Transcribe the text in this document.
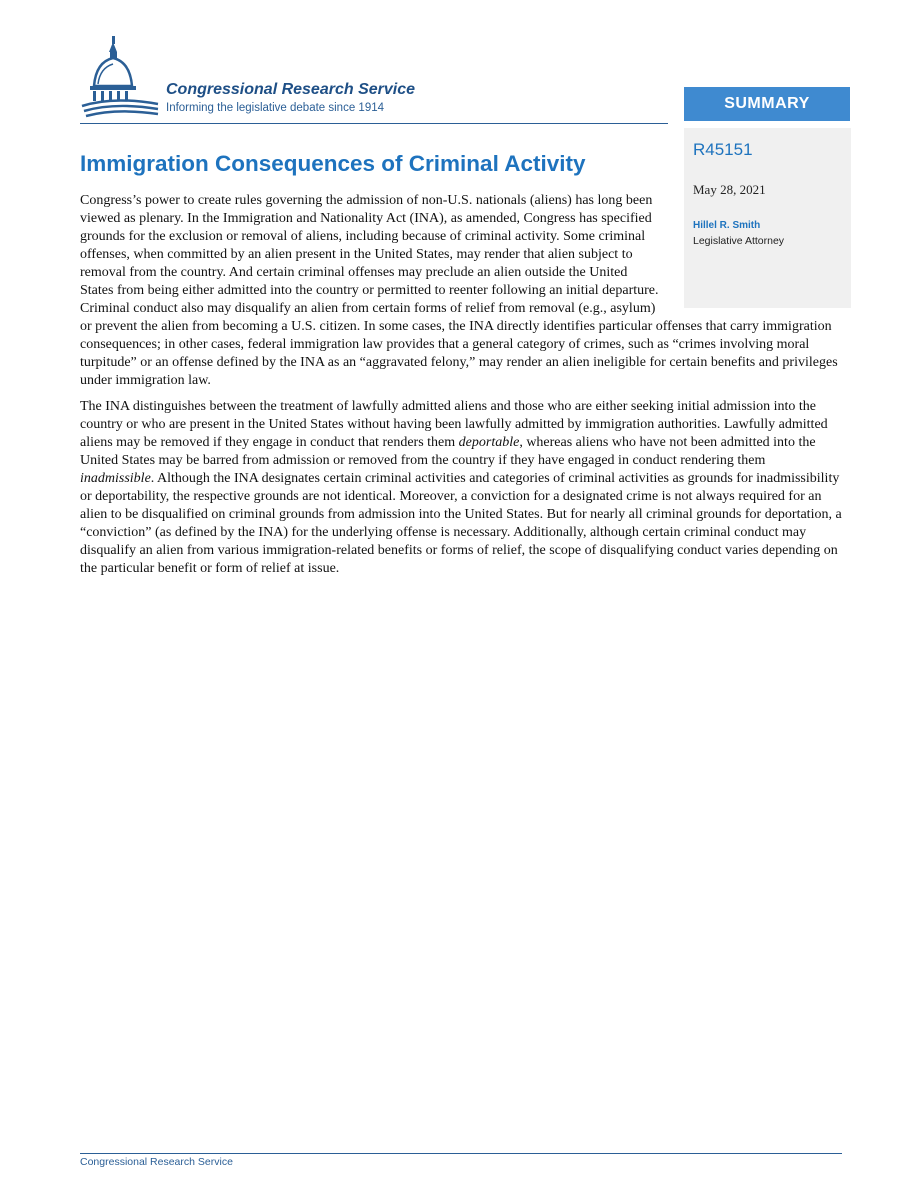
Congressional Research Service
Informing the legislative debate since 1914	SUMMARY
R45151
May 28, 2021
Hillel R. Smith
Legislative Attorney
Immigration Consequences of Criminal Activity

Congress’s power to create rules governing the admission of non-U.S. nationals (aliens) has long been viewed as plenary. In the Immigration and Nationality Act (INA), as amended, Congress has specified grounds for the exclusion or removal of aliens, including because of criminal activity. Some criminal offenses, when committed by an alien present in the United States, may render that alien subject to removal from the country. And certain criminal offenses may preclude an alien outside the United States from being either admitted into the country or permitted to reenter following an initial departure. Criminal conduct also may disqualify an alien from certain forms of relief from removal (e.g., asylum) or prevent the alien from becoming a U.S. citizen. In some cases, the INA directly identifies particular offenses that carry immigration consequences; in other cases, federal immigration law provides that a general category of crimes, such as “crimes involving moral turpitude” or an offense defined by the INA as an “aggravated felony,” may render an alien ineligible for certain benefits and privileges under immigration law.

The INA distinguishes between the treatment of lawfully admitted aliens and those who are either seeking initial admission into the country or who are present in the United States without having been lawfully admitted by immigration authorities. Lawfully admitted aliens may be removed if they engage in conduct that renders them deportable, whereas aliens who have not been admitted into the United States may be barred from admission or removed from the country if they have engaged in conduct rendering them inadmissible. Although the INA designates certain criminal activities and categories of criminal activities as grounds for inadmissibility or deportability, the respective grounds are not identical. Moreover, a conviction for a designated crime is not always required for an alien to be disqualified on criminal grounds from admission into the United States. But for nearly all criminal grounds for deportation, a “conviction” (as defined by the INA) for the underlying offense is necessary. Additionally, although certain criminal conduct may disqualify an alien from various immigration-related benefits or forms of relief, the scope of disqualifying conduct varies depending on the particular benefit or form of relief at issue.

Congressional Research Service
